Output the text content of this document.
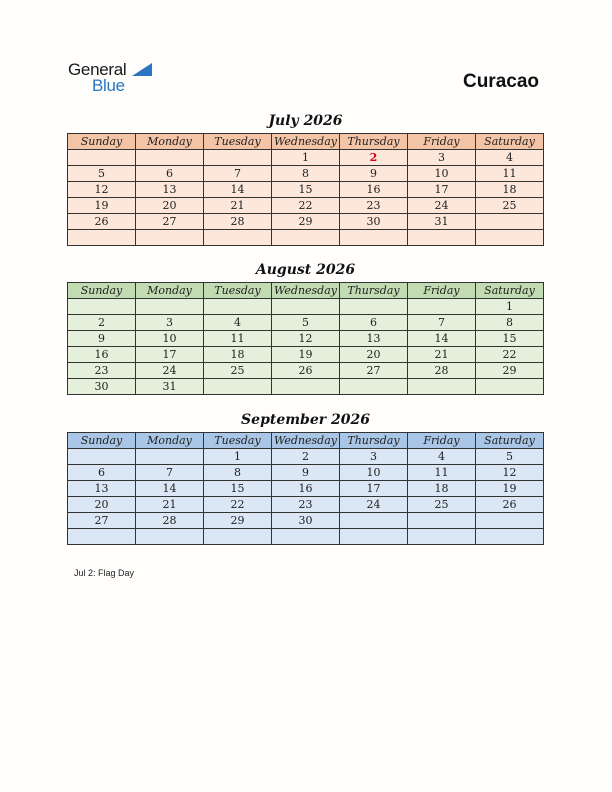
General
Blue	Curacao
July 2026
Sunday	Monday	Tuesday	Wednesday	Thursday	Friday	Saturday
			1	2	3	4
5	6	7	8	9	10	11
12	13	14	15	16	17	18
19	20	21	22	23	24	25
26	27	28	29	30	31	

August 2026
Sunday	Monday	Tuesday	Wednesday	Thursday	Friday	Saturday
						1
2	3	4	5	6	7	8
9	10	11	12	13	14	15
16	17	18	19	20	21	22
23	24	25	26	27	28	29
30	31					
September 2026
Sunday	Monday	Tuesday	Wednesday	Thursday	Friday	Saturday
		1	2	3	4	5
6	7	8	9	10	11	12
13	14	15	16	17	18	19
20	21	22	23	24	25	26
27	28	29	30			

Jul 2: Flag Day
